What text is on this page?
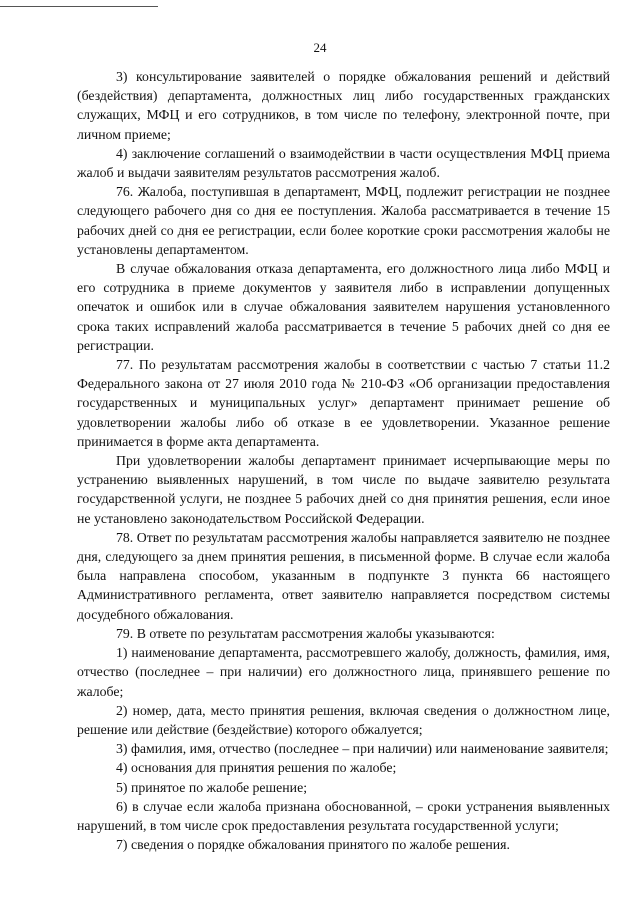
24

3) консультирование заявителей о порядке обжалования решений и действий (бездействия) департамента, должностных лиц либо государственных гражданских служащих, МФЦ и его сотрудников, в том числе по телефону, электронной почте, при личном приеме;

4) заключение соглашений о взаимодействии в части осуществления МФЦ приема жалоб и выдачи заявителям результатов рассмотрения жалоб.

76. Жалоба, поступившая в департамент, МФЦ, подлежит регистрации не позднее следующего рабочего дня со дня ее поступления. Жалоба рассматривается в течение 15 рабочих дней со дня ее регистрации, если более короткие сроки рассмотрения жалобы не установлены департаментом.

В случае обжалования отказа департамента, его должностного лица либо МФЦ и его сотрудника в приеме документов у заявителя либо в исправлении допущенных опечаток и ошибок или в случае обжалования заявителем нарушения установленного срока таких исправлений жалоба рассматривается в течение 5 рабочих дней со дня ее регистрации.

77. По результатам рассмотрения жалобы в соответствии с частью 7 статьи 11.2 Федерального закона от 27 июля 2010 года № 210-ФЗ «Об организации предоставления государственных и муниципальных услуг» департамент принимает решение об удовлетворении жалобы либо об отказе в ее удовлетворении. Указанное решение принимается в форме акта департамента.

При удовлетворении жалобы департамент принимает исчерпывающие меры по устранению выявленных нарушений, в том числе по выдаче заявителю результата государственной услуги, не позднее 5 рабочих дней со дня принятия решения, если иное не установлено законодательством Российской Федерации.

78. Ответ по результатам рассмотрения жалобы направляется заявителю не позднее дня, следующего за днем принятия решения, в письменной форме. В случае если жалоба была направлена способом, указанным в подпункте 3 пункта 66 настоящего Административного регламента, ответ заявителю направляется посредством системы досудебного обжалования.

79. В ответе по результатам рассмотрения жалобы указываются:

1) наименование департамента, рассмотревшего жалобу, должность, фамилия, имя, отчество (последнее – при наличии) его должностного лица, принявшего решение по жалобе;

2) номер, дата, место принятия решения, включая сведения о должностном лице, решение или действие (бездействие) которого обжалуется;

3) фамилия, имя, отчество (последнее – при наличии) или наименование заявителя;

4) основания для принятия решения по жалобе;

5) принятое по жалобе решение;

6) в случае если жалоба признана обоснованной, – сроки устранения выявленных нарушений, в том числе срок предоставления результата государственной услуги;

7) сведения о порядке обжалования принятого по жалобе решения.
